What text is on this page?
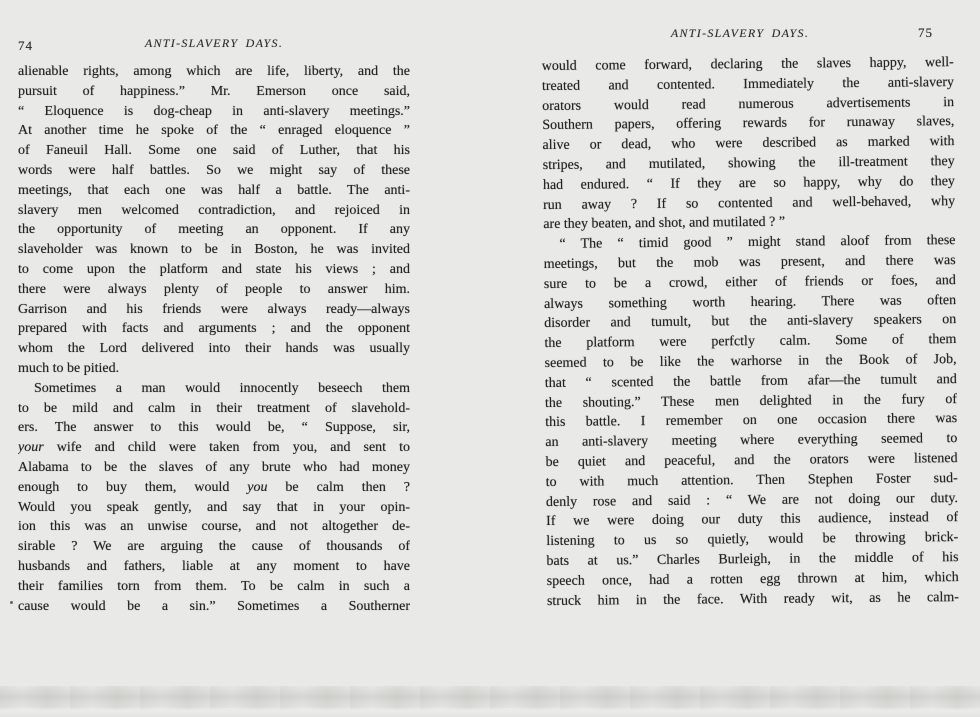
74	ANTI-SLAVERY DAYS.
alienable rights, among which are life, liberty, and the
pursuit of happiness.” Mr. Emerson once said,
“ Eloquence is dog-cheap in anti-slavery meetings.”
At another time he spoke of the “ enraged eloquence ”
of Faneuil Hall. Some one said of Luther, that his
words were half battles. So we might say of these
meetings, that each one was half a battle. The anti-
slavery men welcomed contradiction, and rejoiced in
the opportunity of meeting an opponent. If any
slaveholder was known to be in Boston, he was invited
to come upon the platform and state his views ; and
there were always plenty of people to answer him.
Garrison and his friends were always ready—always
prepared with facts and arguments ; and the opponent
whom the Lord delivered into their hands was usually
much to be pitied.
Sometimes a man would innocently beseech them
to be mild and calm in their treatment of slavehold-
ers. The answer to this would be, “ Suppose, sir,
your wife and child were taken from you, and sent to
Alabama to be the slaves of any brute who had money
enough to buy them, would you be calm then ?
Would you speak gently, and say that in your opin-
ion this was an unwise course, and not altogether de-
sirable ? We are arguing the cause of thousands of
husbands and fathers, liable at any moment to have
their families torn from them. To be calm in such a
cause would be a sin.” Sometimes a Southerner
ANTI-SLAVERY DAYS.	75
would come forward, declaring the slaves happy, well-
treated and contented. Immediately the anti-slavery
orators would read numerous advertisements in
Southern papers, offering rewards for runaway slaves,
alive or dead, who were described as marked with
stripes, and mutilated, showing the ill-treatment they
had endured. “ If they are so happy, why do they
run away ? If so contented and well-behaved, why
are they beaten, and shot, and mutilated ? ”
“ The “ timid good ” might stand aloof from these
meetings, but the mob was present, and there was
sure to be a crowd, either of friends or foes, and
always something worth hearing. There was often
disorder and tumult, but the anti-slavery speakers on
the platform were perfctly calm. Some of them
seemed to be like the warhorse in the Book of Job,
that “ scented the battle from afar—the tumult and
the shouting.” These men delighted in the fury of
this battle. I remember on one occasion there was
an anti-slavery meeting where everything seemed to
be quiet and peaceful, and the orators were listened
to with much attention. Then Stephen Foster sud-
denly rose and said : “ We are not doing our duty.
If we were doing our duty this audience, instead of
listening to us so quietly, would be throwing brick-
bats at us.” Charles Burleigh, in the middle of his
speech once, had a rotten egg thrown at him, which
struck him in the face. With ready wit, as he calm-
